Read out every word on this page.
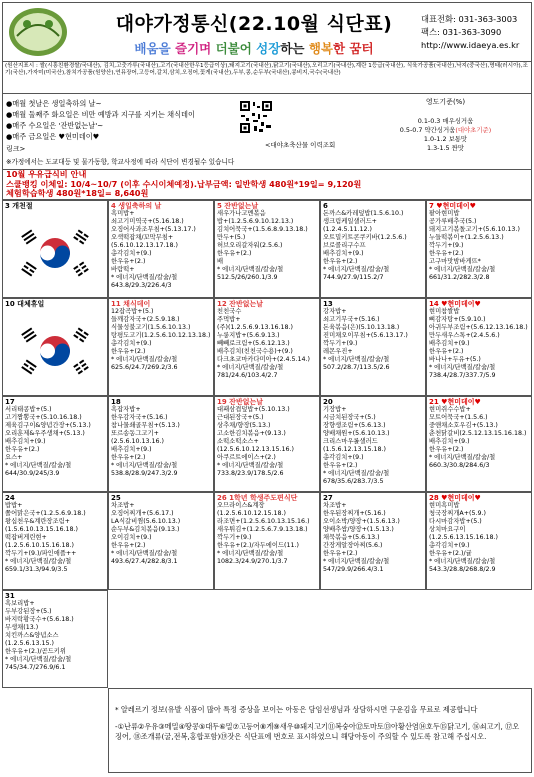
대야가정통신(22.10월 식단표)
배움을 즐기며 더불어 성장하는 행복한 꿈터
대표전화: 031-363-3003
팩스: 031-363-3090
http://www.idaeya.es.kr
(원산지표시 : 쌀(시흥친환경쌀/국내산), 김치,고춧가루(국내산),고기(국내산한우1등급이상),돼지고기(국내산),닭고기(국내산),오리고기(국내산),계란 1등급(국내산), 식육가공품(국내산),낙지(중국산),명태(러시아),조기(국산),가자미(미국산),참치가공품(원양산),연뮤장어,고등어,갈치,삼치,오징어,꽃게(국내산),두부,콩,순두부(국내산),콩비지,국수(국내산)
●매월 첫날은 생일축하의 날~
●매월 둘째주 화요일은 비만 예방과 지구를 지키는 채식데이
●매주 수요일은 '잔반없는날'~
●매주 금요일은 ♥현미데이♥
<대야초축산물 이력조회
영도기준(%)
0.1-0.3 매우싱거움
0.5-0.7 약간싱거움(대야초기준)
1.0-1.2 보통맛
1.3-1.5 짠맛
링크>
※가정에서는 도교대등 및 물가동향, 학교사정에 따라 식단이 변경될수 있습니다
10월 우유급식비 안내
스쿨뱅킹 이체일: 10/4~10/7 (이후 수시이체예정).납부금액: 일반학생 480원*19일= 9,120원
체험학습학생 480원*18일= 8,640원
3 개천절	4 생일축하의 날
흑미밥+
쇠고기미역국+(5.16.18.)
오징어사과조무침+(5.13.17.)
오색떡잡채/꼬막무침+(5.6.10.12.13.17.18.)
총각김치+(9.)
한우유+(2.)
바람떡+
* 에너지/단백질/칼슘/철
643.8/29.3/226.4/3
5 잔반없는날
새우가나고멘볶음
밥+(1.2.5.6.9.10.12.13.)
김치어묵국+(1.5.6.8.9.13.18.)
만두+(5.)
허브오리갈자워(2.5.6.)
한우유+(2.)
배
* 에너지/단백질/칼슘/철
512.5/26/260.1/3.9
6
돈까스&카레덮밥(1.5.6.10.)
생크림케일샐러드+(1.2.4.5.11.12.)
오트밀키트콘쿠키바(1.2.5.6.)
브로콜리구수프
배추김치+(9.)
한우유+(2.)
* 에너지/단백질/칼슘/철
744.9/27.9/115.2/7
7 ♥현미데이♥
팥아현미밥
공가루배추국(5.)
돼지고기볶돌고기+(5.6.10.13.)
누들떡볶이+(1.2.5.6.13.)
깍두기+(9.)
한우유+(2.)
고구마맛밤바게뜨*
* 에너지/단백질/칼슘/철
661/31.2/282.3/2.8
10 대체휴일	11 채식데이
12잡곡밥+(5.)
들깨감자국+(2.5.9.18.)
식물성불고기(1.5.6.10.13.)
탕평도고기(1.2.5.6.10.12.13.18.)
총각김치+(9.)
한우유+(2.)
* 에너지/단백질/칼슘/철
625.6/24.7/269.2/3.6
12 잔반없는날
친친국수
주먹밥+
(주)(1.2.5.6.9.13.16.18.)
누룽지밥+(5.6.9.13.)
빼빼로크림+(5.6.12.13.)
배추김치(친친국수용)+(9.)
다크초코마카다미아+(2.4.5.14.)
* 에너지/단백질/칼슘/철
781/24.6/103.4/2.7
13
강자밥+
쇠고기무국+(5.16.)
돈육볶음(은)(5.10.13.18.)
진미채오이무침+(5.6.13.17.)
깍두기+(9.)
레몬우진+
* 에너지/단백질/칼슘/철
507.2/28.7/113.5/2.6
14 ♥현미데이♥
현미참쌀밥
뼈감자탕+(5.9.10.)
아귀두부조림+(5.6.12.13.16.18.)
만두새우스톡+(2.4.5.6.)
배추김치+(9.)
한우유+(2.)
바나나+두유+(5.)
* 에너지/단백질/칼슘/철
738.4/28.7/337.7/5.9
17
서리태콩밥+(5.)
고기짬뽕국+(5.10.16.18.)
제육김구이&양념간장+(5.13.)
오리훈제&우주생채+(5.13.)
배추김치+(9.)
한우유+(2.)
요스+
* 에너지/단백질/칼슘/철
644/30.9/245/3.9
18
흑잡자밥+
한우감자국+(5.16.)
참나물쇄골무침+(5.13.)
또르송동그고기+(2.5.6.10.13.16.)
배추김치+(9.)
한우유+(2.)
* 에너지/단백질/칼슘/철
538.8/28.9/247.3/2.9
19 잔반없는날
대패삼겹덮밥+(5.10.13.)
근대된장국+(5.)
상추채/향장(5.13.)
고소한김치볶음+(9.13.)
소떡소떡소스+(12.5.6.10.12.13.15.16.)
아쿠르트에이스+(2.)
* 에너지/단백질/칼슘/철
733.8/23.9/178.5/2.6
20
기장밥+
시금치된장국+(5.)
장향생조림+(5.6.13.)
양배채원+(5.6.10.13.)
크리스마우롤샐러드(1.5.6.12.13.15.18.)
총각김치+(9.)
한우유+(2.)
* 에너지/단백질/칼슘/철
678/35.6/283.7/3.5
21 ♥현미데이♥
현미쥐수수밥+
모트어묵국+(1.5.6.)
중앤채소호우김+(5.13.)
춘천닭갈비(2.5.12.13.15.16.18.)
배추김치+(9.)
한우유+(2.)
* 에너지/단백질/칼슘/철
660.3/30.8/284.6/3
24
밥밥+
쫄어맑은국+(1.2.5.6.9.18.)
왕십천우&계란장조림+(1.5.6.10.13.15.16.18.)
떡잡버게린현+(1.2.5.6.10.15.16.18.)
깍두기+(9.)/파인애플++
* 에너지/단백질/칼슘/철
659.1/31.3/94.9/3.5
25
차조밥+
오징어찌개+(5.6.17.)
LA식갈비찜(5.6.10.13.)
순두부&김치볶음(9.13.)
오이김치+(9.)
한우유+(2.)
* 에너지/단백질/칼슘/철
493.6/27.4/282.8/3.1
26 1학년 학생주도편식단
오므라이스&계장(1.2.5.6.10.12.15.18.)
라조면+(1.2.5.6.10.13.15.16.)
새우튀김+(1.2.5.6.7.9.13.18.)
깍두기+(9.)
한우유+(2.)/자두에이드(11.)
* 에너지/단백질/칼슘/철
1082.3/24.9/270.1/3.7
27
차조밥+
한우된장찌개+(5.16.)
오이소박/양장+(1.5.6.13.)
양배추쌈/양장+(1.5.13.)
채묵볶음+(5.6.13.)
간장게알장아찌(5.6.)
한우유+(2.)
* 에너지/단백질/칼슘/철
547/29.9/266.4/3.1
28 ♥현미데이♥
현미흑미밥
청국장찌개A+(5.9.)
다시마감자밥+(5.)
상치마요구이(1.2.5.6.13.15.16.18.)
총각김치+(9.)
한우유+(2.)/귤
* 에너지/단백질/칼슘/철
543.3/28.8/268.8/2.9
31
흑보리밥+
두부강된장+(5.)
바지락황국수+(5.6.18.)
무생채(13.)
치킨까스&양념소스(1.2.5.6.13.15.)
한우유+(2.)/곧드키위
* 에너지/단백질/칼슘/철
745/34.7/276.9/6.1
* 알레르기 정보(유발 식품이 많아 특정 증상을 보이는 아동은 담임선생님과 상담하시면 구운김을 무료로 제공합니다
-①난류②우유③메밀④땅콩⑤대두⑥밀⑦고등어⑧게⑨새우⑩돼지고기⑪복숭아⑫토마토⑬아황산염⑭호두⑮닭고기, ⑯쇠고기, ⑰오징어, ⑱조개류(굴,전복,홍합포함)⑲잣은 식단표에 번호로 표시하였으니 해당아동이 주의할 수 있도록 참고해 주십시오.
